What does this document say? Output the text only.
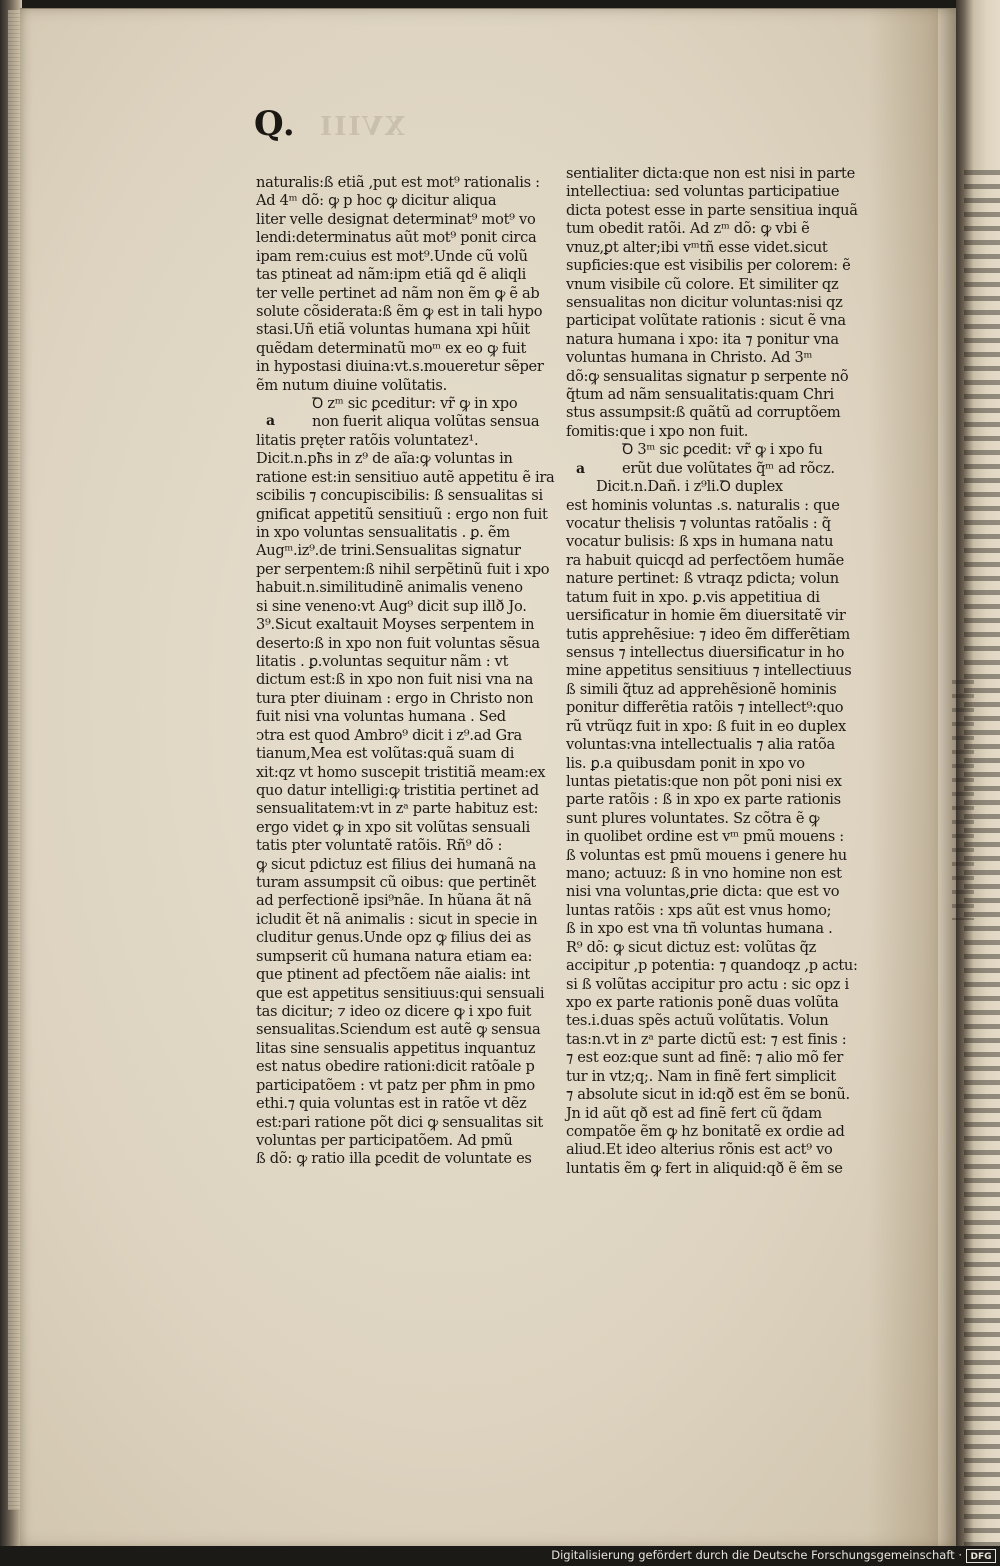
Q. XVIII
naturalis:ß etiã ,put est mot⁹ rationalis :
Ad 4ᵐ dõ: ꝙ p hoc ꝙ dicitur aliqua
liter velle designat determinat⁹ mot⁹ vo
lendi:determinatus aũt mot⁹ ponit circa
ipam rem:cuius est mot⁹.Unde cũ volũ
tas ptineat ad nãm:ipm etiã qd ẽ aliqli
ter velle pertinet ad nãm non ẽm ꝙ ẽ ab
solute cõsiderata:ß ẽm ꝙ est in tali hypo
stasi.Uñ etiã voluntas humana xpi hũit
quẽdam determinatũ moᵐ ex eo ꝙ fuit
in hypostasi diuina:vt.s.moueretur sẽper
ẽm nutum diuine volũtatis.
Ꝺ zᵐ sic ꝑceditur: vr̃ ꝙ in xpo
non fuerit aliqua volũtas sensua
litatis pręter ratõis voluntatez¹.
Dicit.n.pħs in z⁹ de aĩa:ꝙ voluntas in
ratione est:in sensitiuo autẽ appetitu ẽ ira
scibilis ⁊ concupiscibilis: ß sensualitas si
gnificat appetitũ sensitiuũ : ergo non fuit
in xpo voluntas sensualitatis . ꝑ. ẽm
Augᵐ.iz⁹.de trini.Sensualitas signatur
per serpentem:ß nihil serpẽtinũ fuit i xpo
habuit.n.similitudinẽ animalis veneno
si sine veneno:vt Aug⁹ dicit sup illð Jo.
3⁹.Sicut exaltauit Moyses serpentem in
deserto:ß in xpo non fuit voluntas sẽsua
litatis . ꝑ.voluntas sequitur nãm : vt
dictum est:ß in xpo non fuit nisi vna na
tura pter diuinam : ergo in Christo non
fuit nisi vna voluntas humana . Sed
ↄtra est quod Ambro⁹ dicit i z⁹.ad Gra
tianum,Mea est volũtas:quã suam di
xit:qz vt homo suscepit tristitiã meam:ex
quo datur intelligi:ꝙ tristitia pertinet ad
sensualitatem:vt in zᵃ parte habituz est:
ergo videt ꝙ in xpo sit volũtas sensuali
tatis pter voluntatẽ ratõis. Rñ⁹ dõ :
ꝙ sicut pdictuz est filius dei humanã na
turam assumpsit cũ oibus: que pertinẽt
ad perfectionẽ ipsi⁹nãe. In hũana ãt nã
icludit ẽt nã animalis : sicut in specie in
cluditur genus.Unde opz ꝙ filius dei as
sumpserit cũ humana natura etiam ea:
que ptinent ad pfectõem nãe aialis: int
que est appetitus sensitiuus:qui sensuali
tas dicitur; ⁊ ideo oz dicere ꝙ i xpo fuit
sensualitas.Sciendum est autẽ ꝙ sensua
litas sine sensualis appetitus inquantuz
est natus obedire rationi:dicit ratõale p
participatõem : vt patz per pħm in pmo
ethi.⁊ quia voluntas est in ratõe vt dẽz
est:pari ratione põt dici ꝙ sensualitas sit
voluntas per participatõem. Ad pmũ
ß dõ: ꝙ ratio illa ꝑcedit de voluntate es
sentialiter dicta:que non est nisi in parte
intellectiua: sed voluntas participatiue
dicta potest esse in parte sensitiua inquã
tum obedit ratõi. Ad zᵐ dõ: ꝙ vbi ẽ
vnuz,ꝑt alter;ibi vᵐtñ esse videt.sicut
supficies:que est visibilis per colorem: ẽ
vnum visibile cũ colore. Et similiter qz
sensualitas non dicitur voluntas:nisi qz
participat volũtate rationis : sicut ẽ vna
natura humana i xpo: ita ⁊ ponitur vna
voluntas humana in Christo. Ad 3ᵐ
dõ:ꝙ sensualitas signatur p serpente nõ
q̃tum ad nãm sensualitatis:quam Chri
stus assumpsit:ß quãtũ ad corruptõem
fomitis:que i xpo non fuit.
Ꝺ 3ᵐ sic ꝑcedit: vr̃ ꝙ i xpo fu
erũt due volũtates q̃ᵐ ad rõcz.
Dicit.n.Dañ. i z⁹li.Ꝺ duplex
est hominis voluntas .s. naturalis : que
vocatur thelisis ⁊ voluntas ratõalis : q̃
vocatur bulisis: ß xps in humana natu
ra habuit quicqd ad perfectõem humãe
nature pertinet: ß vtraqz pdicta; volun
tatum fuit in xpo. ꝑ.vis appetitiua di
uersificatur in homie ẽm diuersitatẽ vir
tutis apprehẽsiue: ⁊ ideo ẽm differẽtiam
sensus ⁊ intellectus diuersificatur in ho
mine appetitus sensitiuus ⁊ intellectiuus
ß simili q̃tuz ad apprehẽsionẽ hominis
ponitur differẽtia ratõis ⁊ intellect⁹:quo
rũ vtrũqz fuit in xpo: ß fuit in eo duplex
voluntas:vna intellectualis ⁊ alia ratõa
lis. ꝑ.a quibusdam ponit in xpo vo
luntas pietatis:que non põt poni nisi ex
parte ratõis : ß in xpo ex parte rationis
sunt plures voluntates. Sz cõtra ẽ ꝙ
in quolibet ordine est vᵐ pmũ mouens :
ß voluntas est pmũ mouens i genere hu
mano; actuuz: ß in vno homine non est
nisi vna voluntas,ꝑrie dicta: que est vo
luntas ratõis : xps aũt est vnus homo;
ß in xpo est vna tñ voluntas humana .
R⁹ dõ: ꝙ sicut dictuz est: volũtas q̃z
accipitur ,p potentia: ⁊ quandoqz ,p actu:
si ß volũtas accipitur pro actu : sic opz i
xpo ex parte rationis ponẽ duas volũta
tes.i.duas spẽs actuũ volũtatis. Volun
tas:n.vt in zᵃ parte dictũ est: ⁊ est finis :
⁊ est eoz:que sunt ad finẽ: ⁊ alio mõ fer
tur in vtz;q;. Nam in finẽ fert simplicit
⁊ absolute sicut in id:qð est ẽm se bonũ.
Jn id aũt qð est ad finẽ fert cũ q̃dam
compatõe ẽm ꝙ hz bonitatẽ ex ordie ad
aliud.Et ideo alterius rõnis est act⁹ vo
luntatis ẽm ꝙ fert in aliquid:qð ẽ ẽm se
a
a
Digitalisierung gefördert durch die Deutsche Forschungsgemeinschaft · DFG
